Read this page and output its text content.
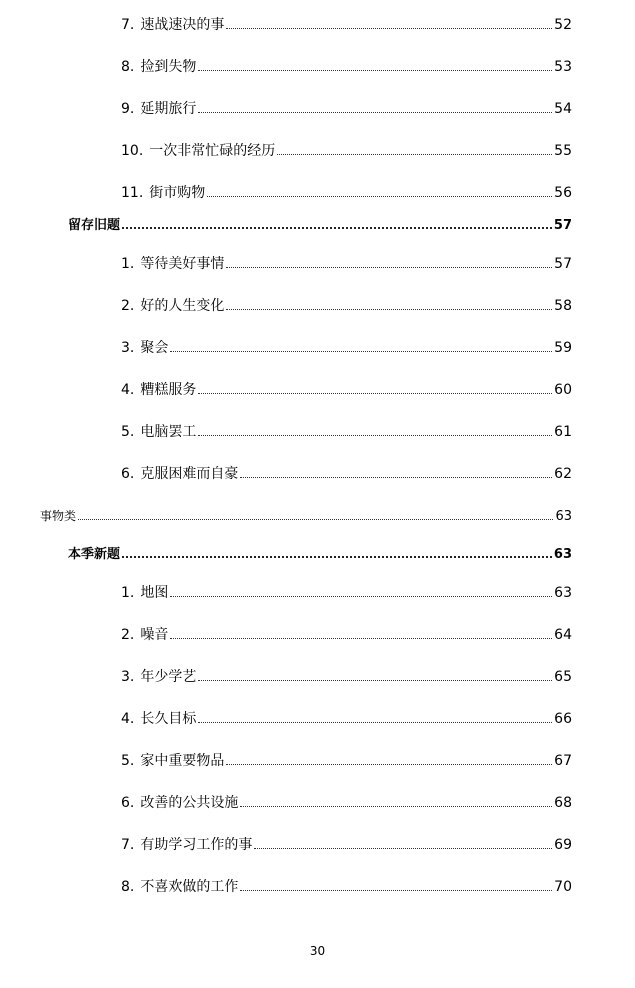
7. 速战速决的事	52
8. 捡到失物	53
9. 延期旅行	54
10. 一次非常忙碌的经历	55
11. 街市购物	56
留存旧题	57
1. 等待美好事情	57
2. 好的人生变化	58
3. 聚会	59
4. 糟糕服务	60
5. 电脑罢工	61
6. 克服困难而自豪	62
事物类	63
本季新题	63
1. 地图	63
2. 噪音	64
3. 年少学艺	65
4. 长久目标	66
5. 家中重要物品	67
6. 改善的公共设施	68
7. 有助学习工作的事	69
8. 不喜欢做的工作	70
30
